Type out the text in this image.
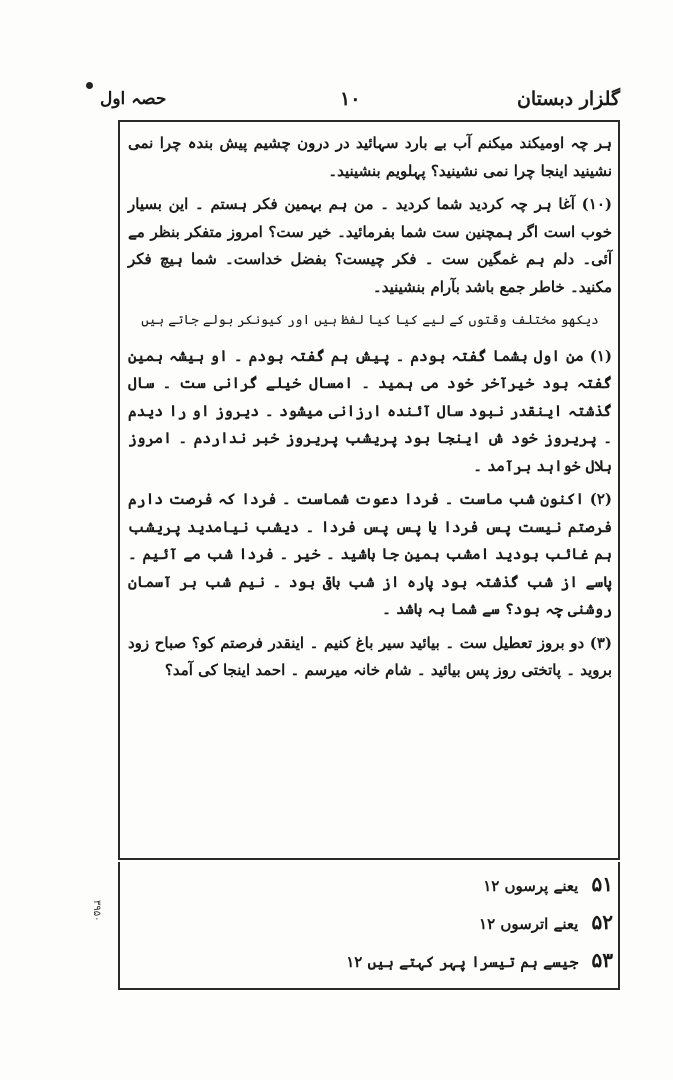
گلزار دبستان
۱۰
حصہ اول

ہر چہ اومیکند میکنم آب بے بارد سہائید در درون چشیم پیش بندہ چرا نمی نشینید اینجا چرا نمی نشینید؟ پہلویم بنشینید۔

(۱۰) آغا ہر چہ کردید شما کردید ۔ من ہم بہمین فکر ہستم ۔ این بسیار خوب است اگر ہمچنین ست شما بفرمائید۔ خیر ست؟ امروز متفکر بنظر مے آئی۔ دلم ہم غمگین ست ۔ فکر چیست؟ بفضل خداست۔ شما ہیچ فکر مکنید۔ خاطر جمع باشد بآرام بنشینید۔

دیکھو مختلف وقتوں کے لیے کیا کیا لفظ ہیں اور کیونکر بولے جاتے ہیں

(۱) من اول بشما گفتہ بودم ۔ پیش ہم گفتہ بودم ۔ او ہیشہ ہمین گفتہ بود خیرآخر خود می ہمید ۔ امسال خیلے گرانی ست ۔ سال گذشتہ اینقدر نبود سال آئندہ ارزانی میشود ۔ دیروز او را دیدم ۔ پریروز خود ش اینجا بود پریشب پریروز خبر نداردم ۔ امروز ہلال خواہد برآمد ۔

(۲) اکنون شب ماست ۔ فردا دعوت شماست ۔ فردا کہ فرصت دارم فرصتم نیست پس فردا یا پس پس فردا ۔ دیشب نیامدید پریشب ہم غائب بودید امشب ہمین جا باشید ۔ خیر ۔ فردا شب مے آئیم ۔ پاسے از شب گذشتہ بود پارہ از شب باقی بود ۔ نیم شب بر آسمان روشنی چہ بود؟ سے شما بہ باشد ۔

(۳) دو بروز تعطیل ست ۔ بیائید سیر باغ کنیم ۔ اینقدر فرصتم کو؟ صباح زود بروید ۔ پاتختی روز پس بیائید ۔ شام خانہ میرسم ۔ احمد اینجا کی آمد؟

۵۱ یعنے پرسوں ۱۲
۵۲ یعنے اترسوں ۱۲
۵۳ جیسے ہم تیسرا پہر کہتے ہیں ۱۲
۳۹۵۰
